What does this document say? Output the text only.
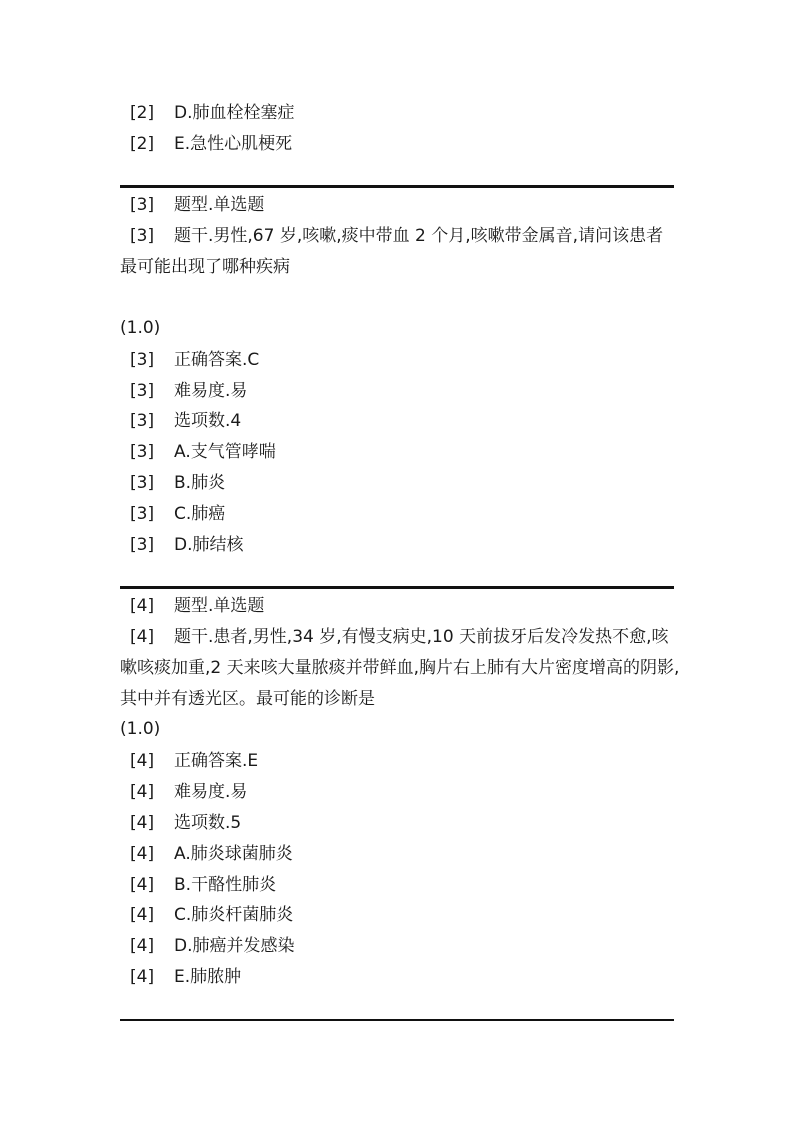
[2] D.肺血栓栓塞症
[2] E.急性心肌梗死
[3] 题型.单选题
[3] 题干.男性,67 岁,咳嗽,痰中带血 2 个月,咳嗽带金属音,请问该患者最可能出现了哪种疾病
(1.0)
[3] 正确答案.C
[3] 难易度.易
[3] 选项数.4
[3] A.支气管哮喘
[3] B.肺炎
[3] C.肺癌
[3] D.肺结核
[4] 题型.单选题
[4] 题干.患者,男性,34 岁,有慢支病史,10 天前拔牙后发冷发热不愈,咳嗽咳痰加重,2 天来咳大量脓痰并带鲜血,胸片右上肺有大片密度增高的阴影,其中并有透光区。最可能的诊断是
(1.0)
[4] 正确答案.E
[4] 难易度.易
[4] 选项数.5
[4] A.肺炎球菌肺炎
[4] B.干酪性肺炎
[4] C.肺炎杆菌肺炎
[4] D.肺癌并发感染
[4] E.肺脓肿
